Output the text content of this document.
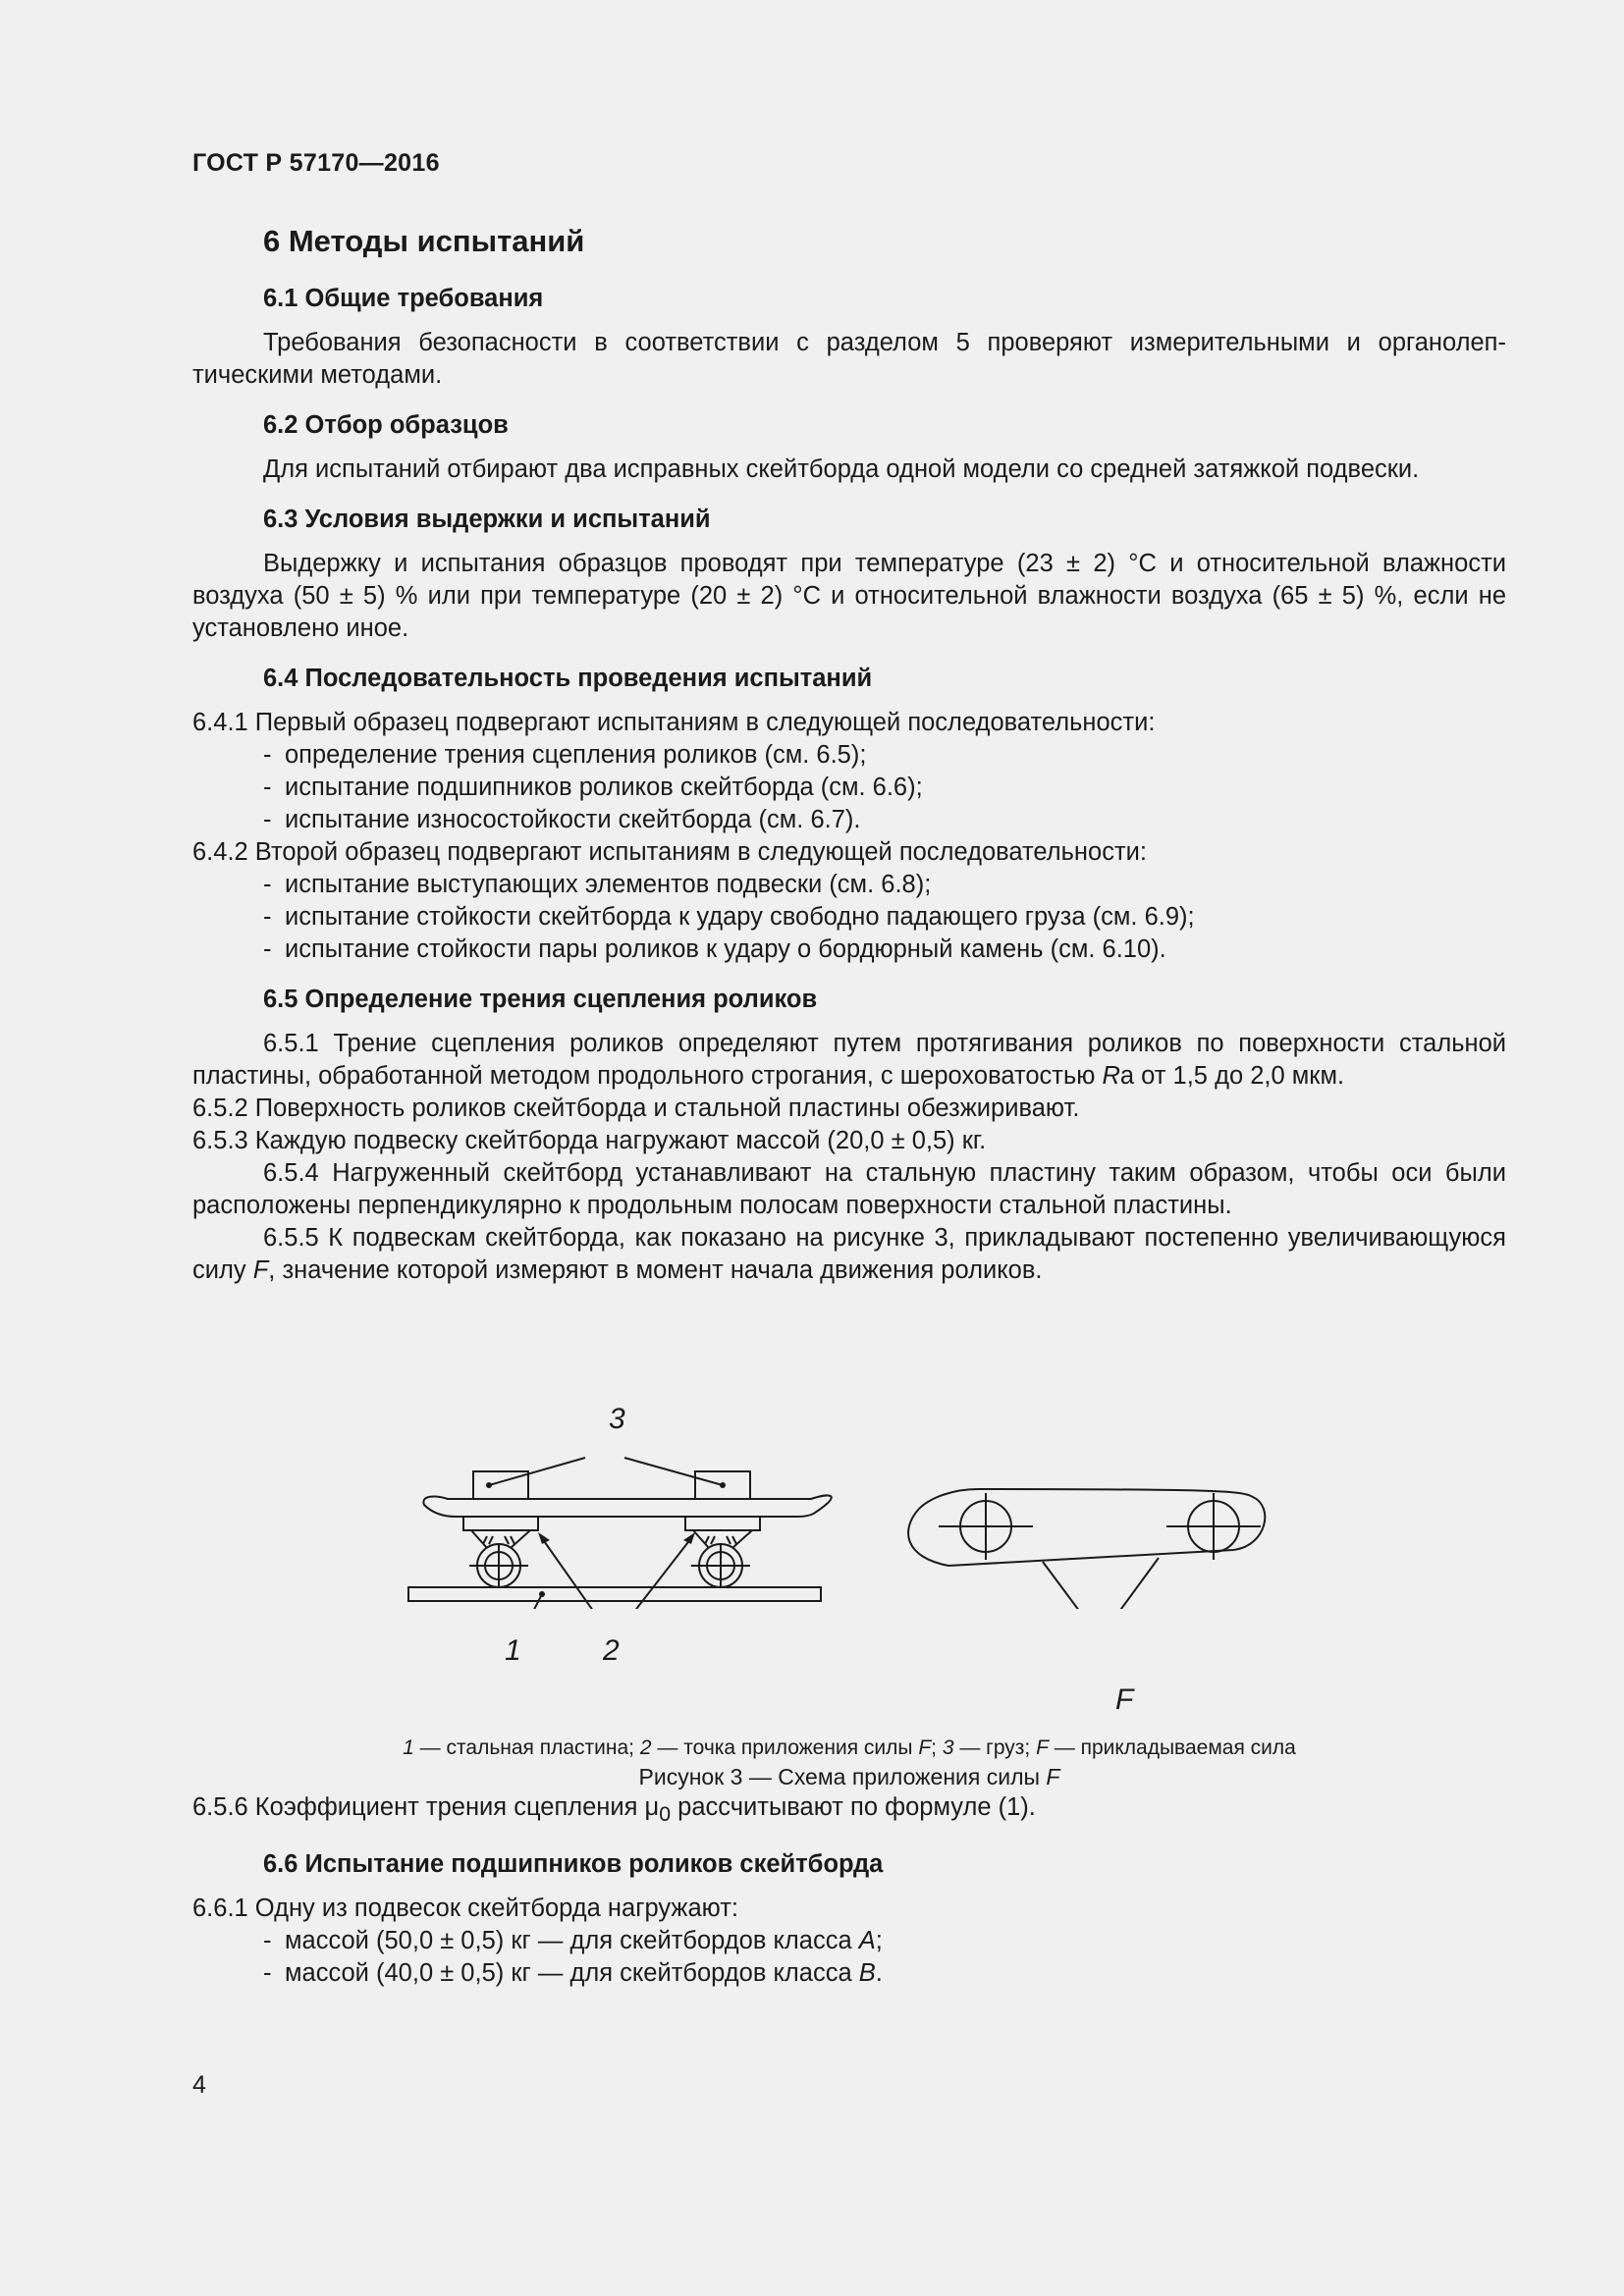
ГОСТ Р 57170—2016
6 Методы испытаний
6.1 Общие требования

Требования безопасности в соответствии с разделом 5 проверяют измерительными и органолептическими методами.

6.2 Отбор образцов

Для испытаний отбирают два исправных скейтборда одной модели со средней затяжкой подвески.

6.3 Условия выдержки и испытаний

Выдержку и испытания образцов проводят при температуре (23 ± 2) °С и относительной влажности воздуха (50 ± 5) % или при температуре (20 ± 2) °С и относительной влажности воздуха (65 ± 5) %, если не установлено иное.

6.4 Последовательность проведения испытаний

6.4.1 Первый образец подвергают испытаниям в следующей последовательности:

- определение трения сцепления роликов (см. 6.5);
- испытание подшипников роликов скейтборда (см. 6.6);
- испытание износостойкости скейтборда (см. 6.7).

6.4.2 Второй образец подвергают испытаниям в следующей последовательности:

- испытание выступающих элементов подвески (см. 6.8);
- испытание стойкости скейтборда к удару свободно падающего груза (см. 6.9);
- испытание стойкости пары роликов к удару о бордюрный камень (см. 6.10).
6.5 Определение трения сцепления роликов

6.5.1 Трение сцепления роликов определяют путем протягивания роликов по поверхности стальной пластины, обработанной методом продольного строгания, с шероховатостью Ra от 1,5 до 2,0 мкм.

6.5.2 Поверхность роликов скейтборда и стальной пластины обезжиривают.

6.5.3 Каждую подвеску скейтборда нагружают массой (20,0 ± 0,5) кг.

6.5.4 Нагруженный скейтборд устанавливают на стальную пластину таким образом, чтобы оси были расположены перпендикулярно к продольным полосам поверхности стальной пластины.

6.5.5 К подвескам скейтборда, как показано на рисунке 3, прикладывают постепенно увеличивающуюся силу F, значение которой измеряют в момент начала движения роликов.

3
1	2
F

1 — стальная пластина; 2 — точка приложения силы F; 3 — груз; F — прикладываемая сила

Рисунок 3 — Схема приложения силы F

6.5.6 Коэффициент трения сцепления $\mu_0$ рассчитывают по формуле (1).

6.6 Испытание подшипников роликов скейтборда

6.6.1 Одну из подвесок скейтборда нагружают:

- массой (50,0 ± 0,5) кг — для скейтбордов класса А;
- массой (40,0 ± 0,5) кг — для скейтбордов класса В.
4
